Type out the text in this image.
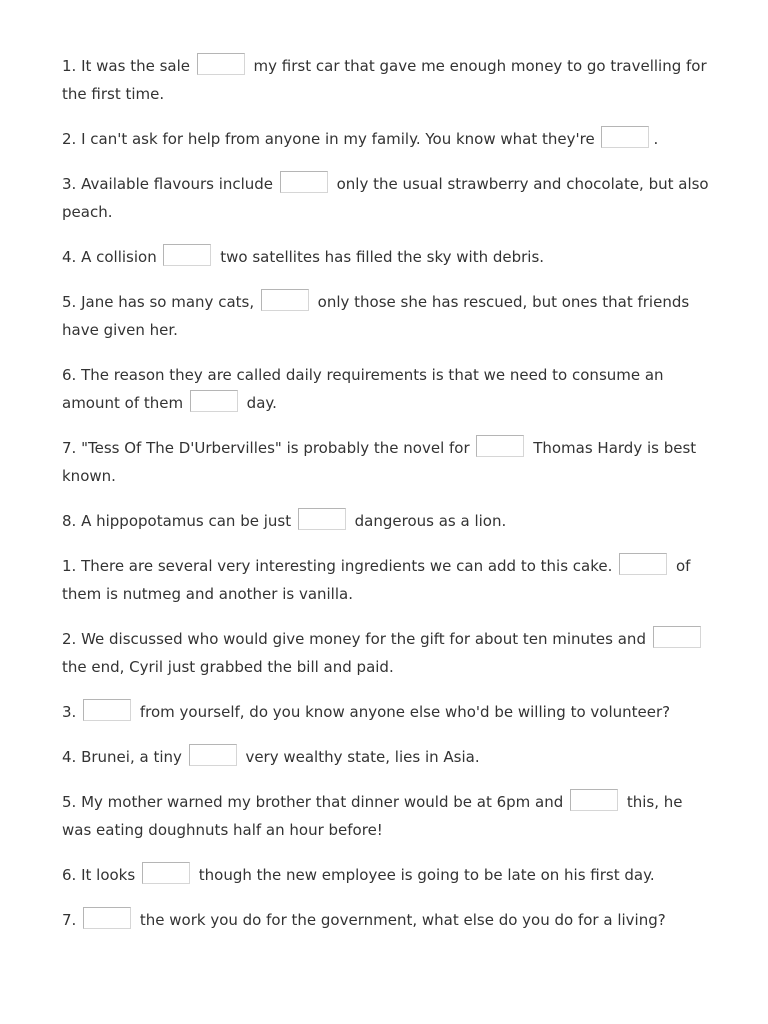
1. It was the sale	my first car that gave me enough money to go travelling for the first time.
2. I can't ask for help from anyone in my family. You know what they're	.
3. Available flavours include	only the usual strawberry and chocolate, but also peach.
4. A collision	two satellites has filled the sky with debris.
5. Jane has so many cats,	only those she has rescued, but ones that friends have given her.
6. The reason they are called daily requirements is that we need to consume an amount of them	day.
7. "Tess Of The D'Urbervilles" is probably the novel for	Thomas Hardy is best known.
8. A hippopotamus can be just	dangerous as a lion.
1. There are several very interesting ingredients we can add to this cake.	of them is nutmeg and another is vanilla.
2. We discussed who would give money for the gift for about ten minutes and  the end, Cyril just grabbed the bill and paid.
3.	from yourself, do you know anyone else who'd be willing to volunteer?
4. Brunei, a tiny	very wealthy state, lies in Asia.
5. My mother warned my brother that dinner would be at 6pm and	this, he was eating doughnuts half an hour before!
6. It looks	though the new employee is going to be late on his first day.
7.	the work you do for the government, what else do you do for a living?
